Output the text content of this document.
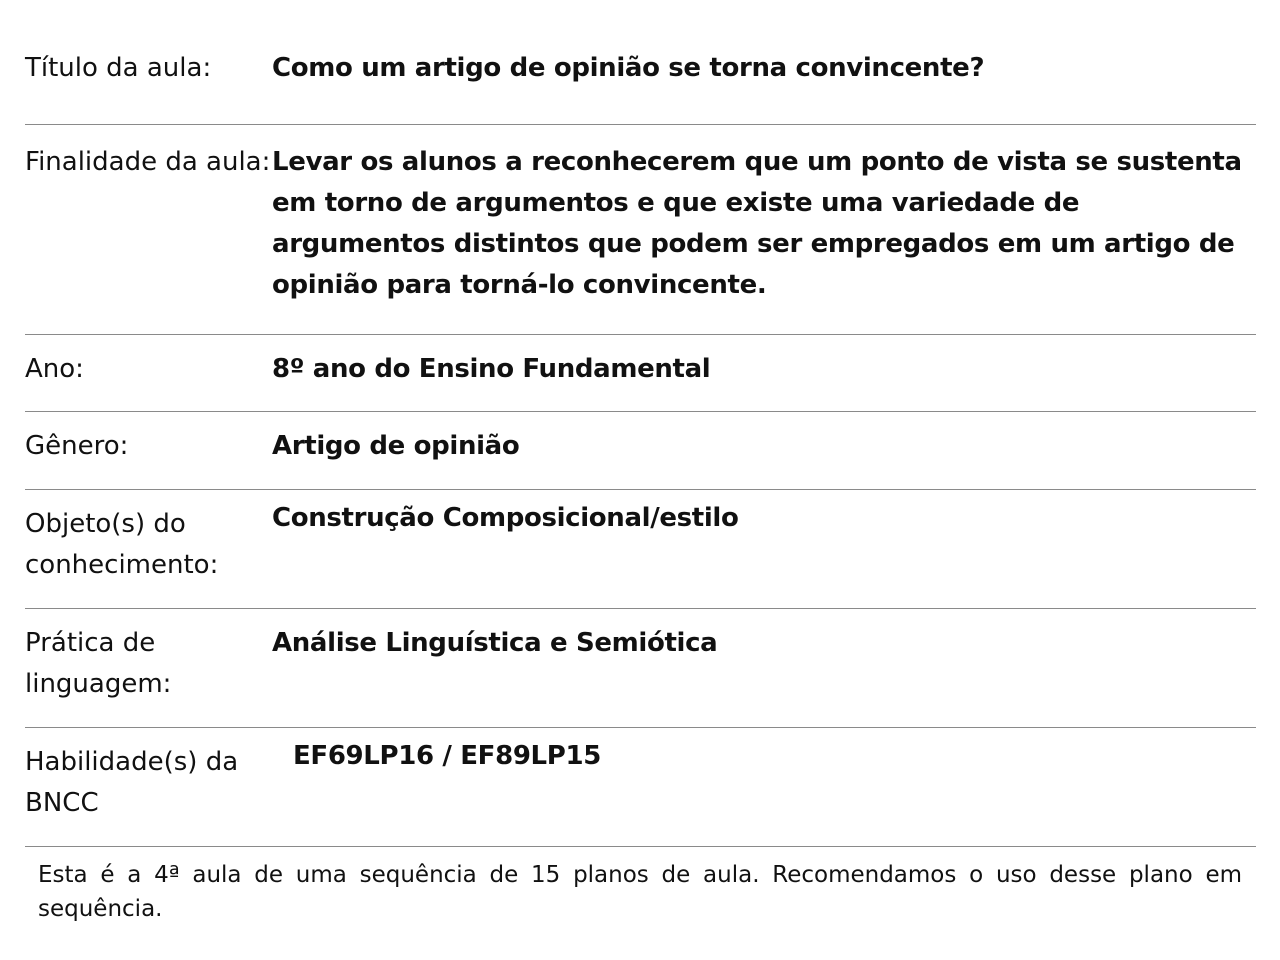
Título da aula:	Como um artigo de opinião se torna convincente?
Finalidade da aula:	Levar os alunos a reconhecerem que um ponto de vista se sustenta em torno de argumentos e que existe uma variedade de argumentos distintos que podem ser empregados em um artigo de opinião para torná-lo convincente.
Ano:	8º ano do Ensino Fundamental
Gênero:	Artigo de opinião
Objeto(s) do conhecimento:	Construção Composicional/estilo
Prática de linguagem:	Análise Linguística e Semiótica
Habilidade(s) da BNCC	EF69LP16 / EF89LP15
Esta é a 4ª aula de uma sequência de 15 planos de aula. Recomendamos o uso desse plano em sequência.
